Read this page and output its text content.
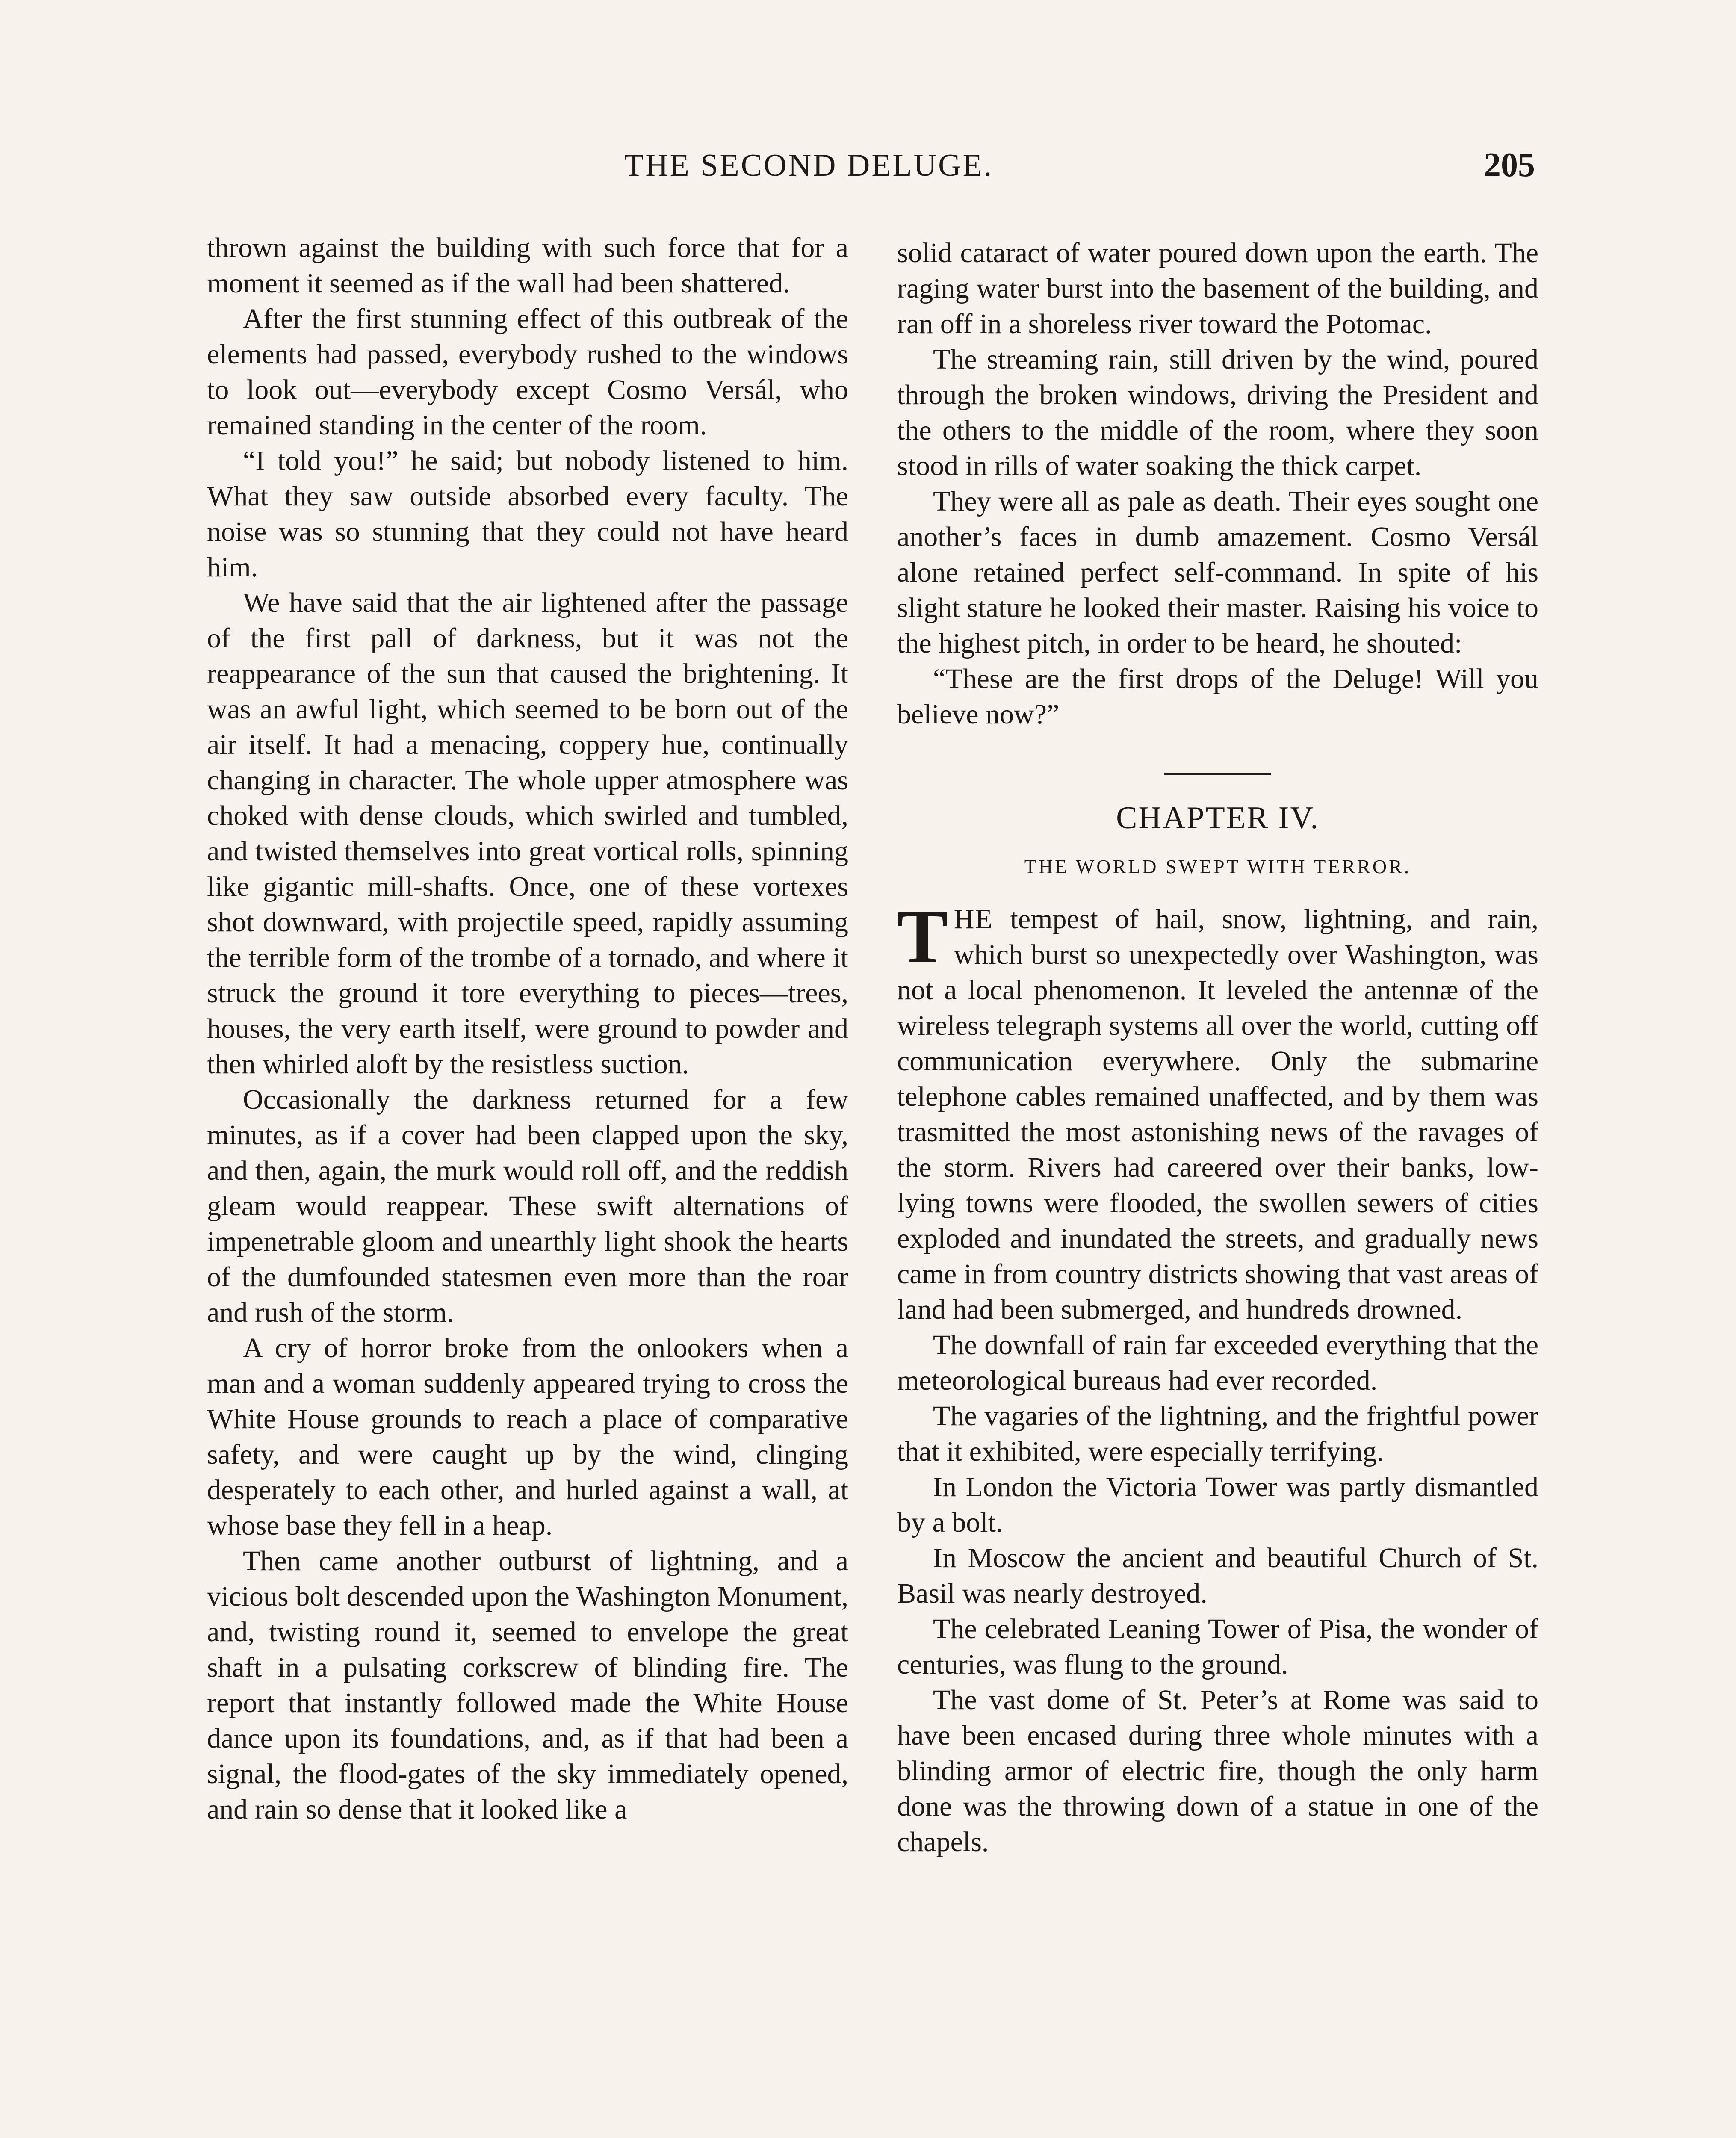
THE SECOND DELUGE.	205

thrown against the building with such force that for a moment it seemed as if the wall had been shattered.

After the first stunning effect of this outbreak of the elements had passed, everybody rushed to the windows to look out—everybody except Cosmo Versál, who remained standing in the center of the room.

“I told you!” he said; but nobody listened to him. What they saw outside absorbed every faculty. The noise was so stunning that they could not have heard him.

We have said that the air lightened after the passage of the first pall of darkness, but it was not the reappearance of the sun that caused the brightening. It was an awful light, which seemed to be born out of the air itself. It had a menacing, coppery hue, continually changing in character. The whole upper atmosphere was choked with dense clouds, which swirled and tumbled, and twisted themselves into great vortical rolls, spinning like gigantic mill-shafts. Once, one of these vortexes shot downward, with projectile speed, rapidly assuming the terrible form of the trombe of a tornado, and where it struck the ground it tore everything to pieces—trees, houses, the very earth itself, were ground to powder and then whirled aloft by the resistless suction.

Occasionally the darkness returned for a few minutes, as if a cover had been clapped upon the sky, and then, again, the murk would roll off, and the reddish gleam would reappear. These swift alternations of impenetrable gloom and unearthly light shook the hearts of the dumfounded statesmen even more than the roar and rush of the storm.

A cry of horror broke from the onlookers when a man and a woman suddenly appeared trying to cross the White House grounds to reach a place of comparative safety, and were caught up by the wind, clinging desperately to each other, and hurled against a wall, at whose base they fell in a heap.

Then came another outburst of lightning, and a vicious bolt descended upon the Washington Monument, and, twisting round it, seemed to envelope the great shaft in a pulsating corkscrew of blinding fire. The report that instantly followed made the White House dance upon its foundations, and, as if that had been a signal, the flood-gates of the sky immediately opened, and rain so dense that it looked like a

solid cataract of water poured down upon the earth. The raging water burst into the basement of the building, and ran off in a shoreless river toward the Potomac.

The streaming rain, still driven by the wind, poured through the broken windows, driving the President and the others to the middle of the room, where they soon stood in rills of water soaking the thick carpet.

They were all as pale as death. Their eyes sought one another’s faces in dumb amazement. Cosmo Versál alone retained perfect self-command. In spite of his slight stature he looked their master. Raising his voice to the highest pitch, in order to be heard, he shouted:

“These are the first drops of the Deluge! Will you believe now?”

CHAPTER IV.
THE WORLD SWEPT WITH TERROR.

THE tempest of hail, snow, lightning, and rain, which burst so unexpectedly over Washington, was not a local phenomenon. It leveled the antennæ of the wireless telegraph systems all over the world, cutting off communication everywhere. Only the submarine telephone cables remained unaffected, and by them was trasmitted the most astonishing news of the ravages of the storm. Rivers had careered over their banks, low-lying towns were flooded, the swollen sewers of cities exploded and inundated the streets, and gradually news came in from country districts showing that vast areas of land had been submerged, and hundreds drowned.

The downfall of rain far exceeded everything that the meteorological bureaus had ever recorded.

The vagaries of the lightning, and the frightful power that it exhibited, were especially terrifying.

In London the Victoria Tower was partly dismantled by a bolt.

In Moscow the ancient and beautiful Church of St. Basil was nearly destroyed.

The celebrated Leaning Tower of Pisa, the wonder of centuries, was flung to the ground.

The vast dome of St. Peter’s at Rome was said to have been encased during three whole minutes with a blinding armor of electric fire, though the only harm done was the throwing down of a statue in one of the chapels.
